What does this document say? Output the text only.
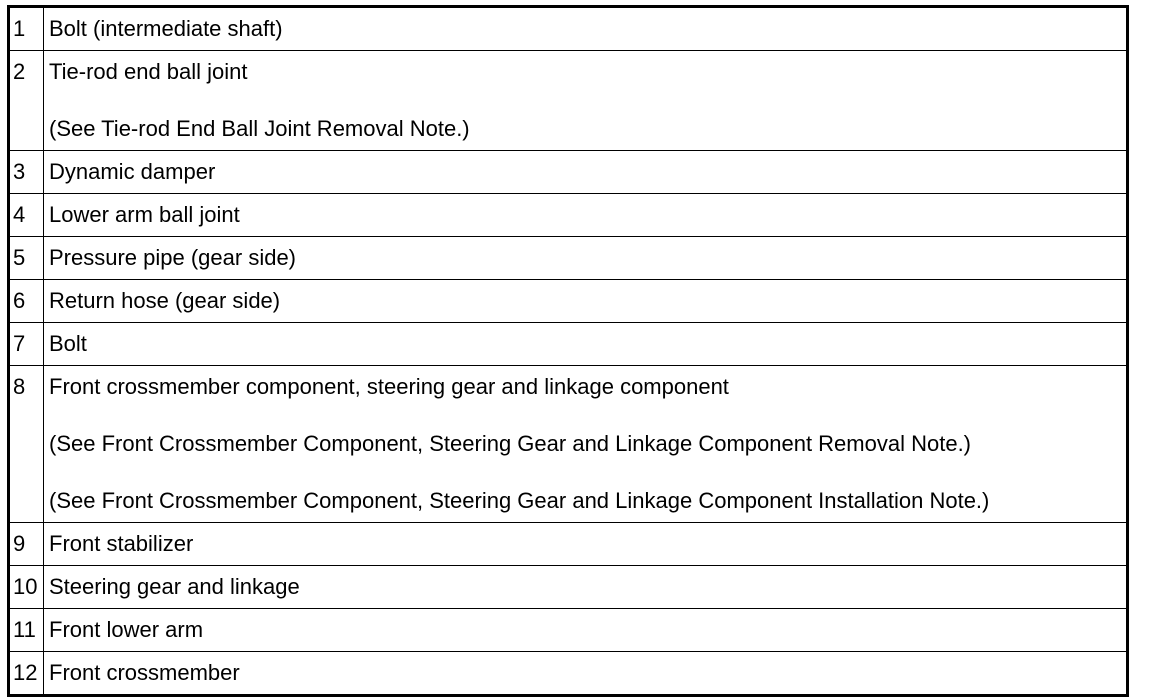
1	Bolt (intermediate shaft)

2	Tie-rod end ball joint
(See Tie-rod End Ball Joint Removal Note.)

3	Dynamic damper

4	Lower arm ball joint

5	Pressure pipe (gear side)

6	Return hose (gear side)

7	Bolt

8	Front crossmember component, steering gear and linkage component
(See Front Crossmember Component, Steering Gear and Linkage Component Removal Note.)
(See Front Crossmember Component, Steering Gear and Linkage Component Installation Note.)

9	Front stabilizer

10	Steering gear and linkage

11	Front lower arm

12	Front crossmember
